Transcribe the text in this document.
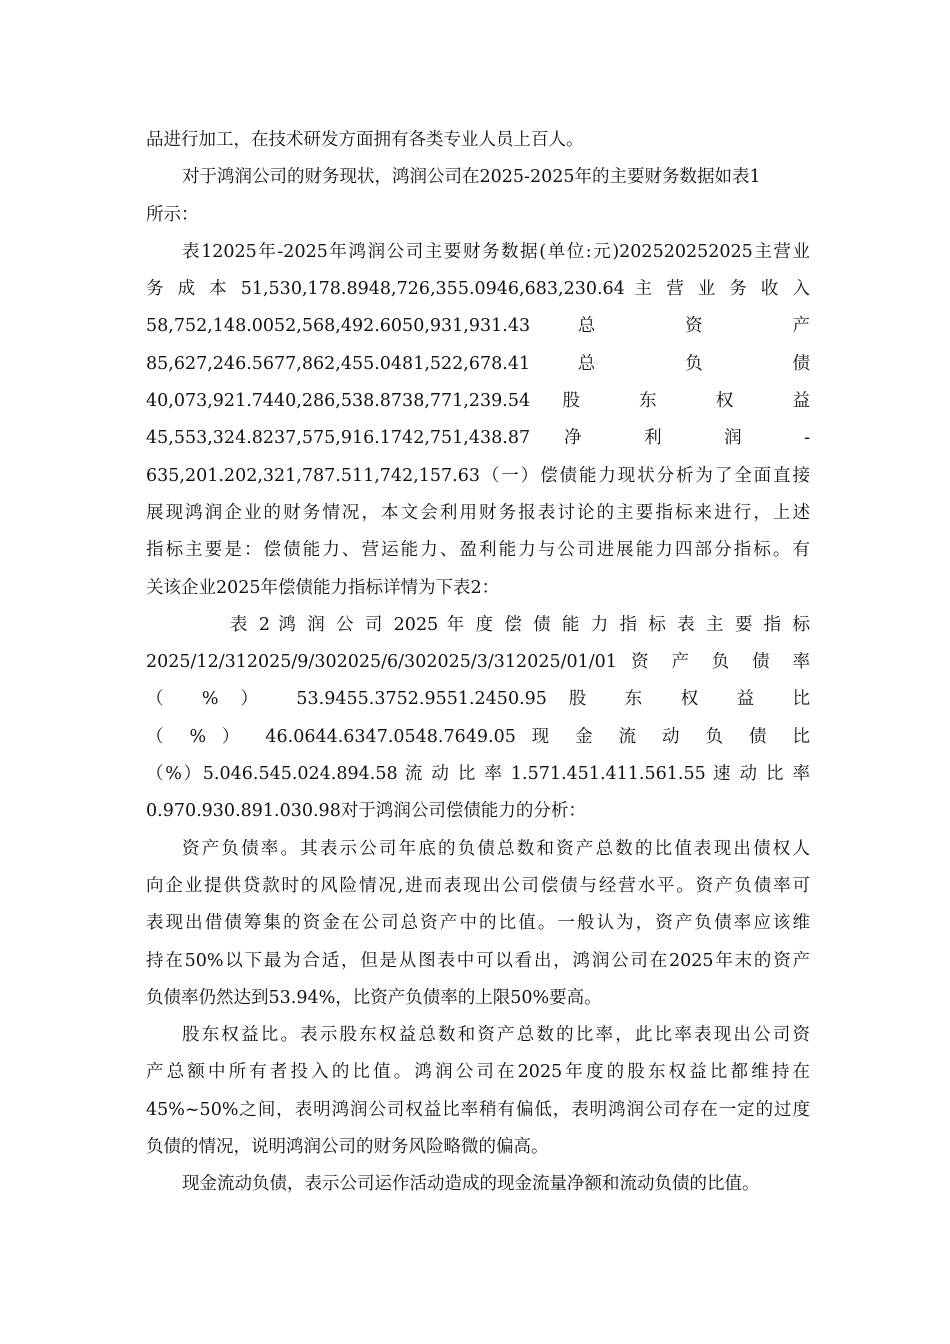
品进行加工，在技术研发方面拥有各类专业人员上百人。
对于鸿润公司的财务现状，鸿润公司在2025-2025年的主要财务数据如表1
所示：
表12025年-2025年鸿润公司主要财务数据(单位:元)202520252025主营业
务 成 本 51,530,178.8948,726,355.0946,683,230.64 主 营 业 务 收 入
58,752,148.0052,568,492.6050,931,931.43 总 资 产
85,627,246.5677,862,455.0481,522,678.41 总 负 债
40,073,921.7440,286,538.8738,771,239.54 股 东 权 益
45,553,324.8237,575,916.1742,751,438.87 净 利 润 -
635,201.202,321,787.511,742,157.63（一）偿债能力现状分析为了全面直接
展现鸿润企业的财务情况，本文会利用财务报表讨论的主要指标来进行，上述
指标主要是：偿债能力、营运能力、盈利能力与公司进展能力四部分指标。有
关该企业2025年偿债能力指标详情为下表2：
表 2 鸿 润 公 司 2025 年 度 偿 债 能 力 指 标 表 主 要 指 标
2025/12/312025/9/302025/6/302025/3/312025/01/01 资 产 负 债 率
（ % ） 53.9455.3752.9551.2450.95 股 东 权 益 比
（ % ） 46.0644.6347.0548.7649.05 现 金 流 动 负 债 比
（%）5.046.545.024.894.58 流 动 比 率 1.571.451.411.561.55 速 动 比 率
0.970.930.891.030.98对于鸿润公司偿债能力的分析：
资产负债率。其表示公司年底的负债总数和资产总数的比值表现出债权人
向企业提供贷款时的风险情况,进而表现出公司偿债与经营水平。资产负债率可
表现出借债筹集的资金在公司总资产中的比值。一般认为，资产负债率应该维
持在50%以下最为合适，但是从图表中可以看出，鸿润公司在2025年末的资产
负债率仍然达到53.94%，比资产负债率的上限50%要高。
股东权益比。表示股东权益总数和资产总数的比率，此比率表现出公司资
产总额中所有者投入的比值。鸿润公司在2025年度的股东权益比都维持在
45%~50%之间，表明鸿润公司权益比率稍有偏低，表明鸿润公司存在一定的过度
负债的情况，说明鸿润公司的财务风险略微的偏高。
现金流动负债，表示公司运作活动造成的现金流量净额和流动负债的比值。
